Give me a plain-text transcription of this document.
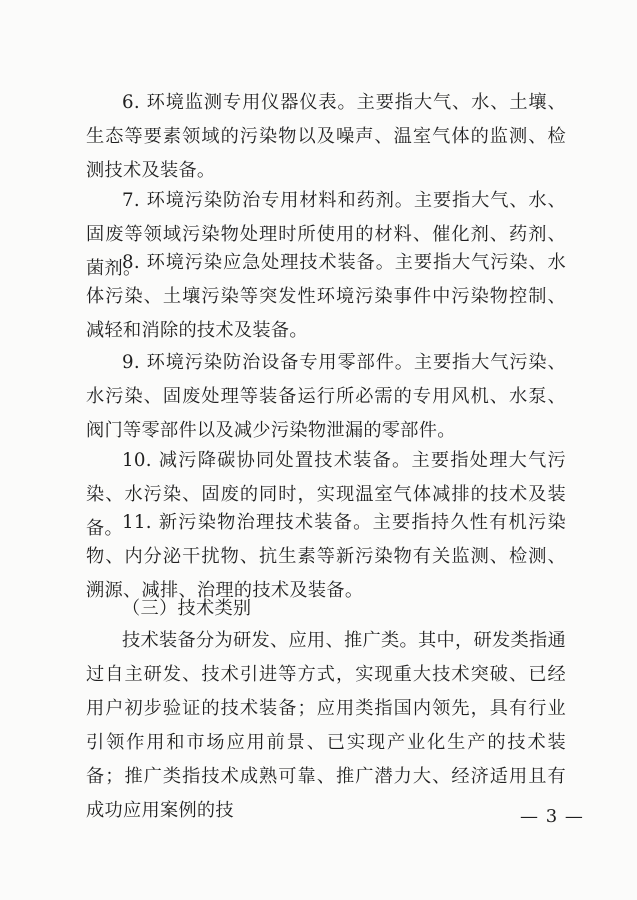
6. 环境监测专用仪器仪表。主要指大气、水、土壤、生态等要素领域的污染物以及噪声、温室气体的监测、检测技术及装备。

7. 环境污染防治专用材料和药剂。主要指大气、水、固废等领域污染物处理时所使用的材料、催化剂、药剂、菌剂。

8. 环境污染应急处理技术装备。主要指大气污染、水体污染、土壤污染等突发性环境污染事件中污染物控制、减轻和消除的技术及装备。

9. 环境污染防治设备专用零部件。主要指大气污染、水污染、固废处理等装备运行所必需的专用风机、水泵、阀门等零部件以及减少污染物泄漏的零部件。

10. 减污降碳协同处置技术装备。主要指处理大气污染、水污染、固废的同时，实现温室气体减排的技术及装备。 11. 新污染物治理技术装备。主要指持久性有机污染物、内分泌干扰物、抗生素等新污染物有关监测、检测、溯源、减排、治理的技术及装备。

（三）技术类别

技术装备分为研发、应用、推广类。其中，研发类指通过自主研发、技术引进等方式，实现重大技术突破、已经用户初步验证的技术装备；应用类指国内领先，具有行业引领作用和市场应用前景、已实现产业化生产的技术装备；推广类指技术成熟可靠、推广潜力大、经济适用且有成功应用案例的技	— 3 —
